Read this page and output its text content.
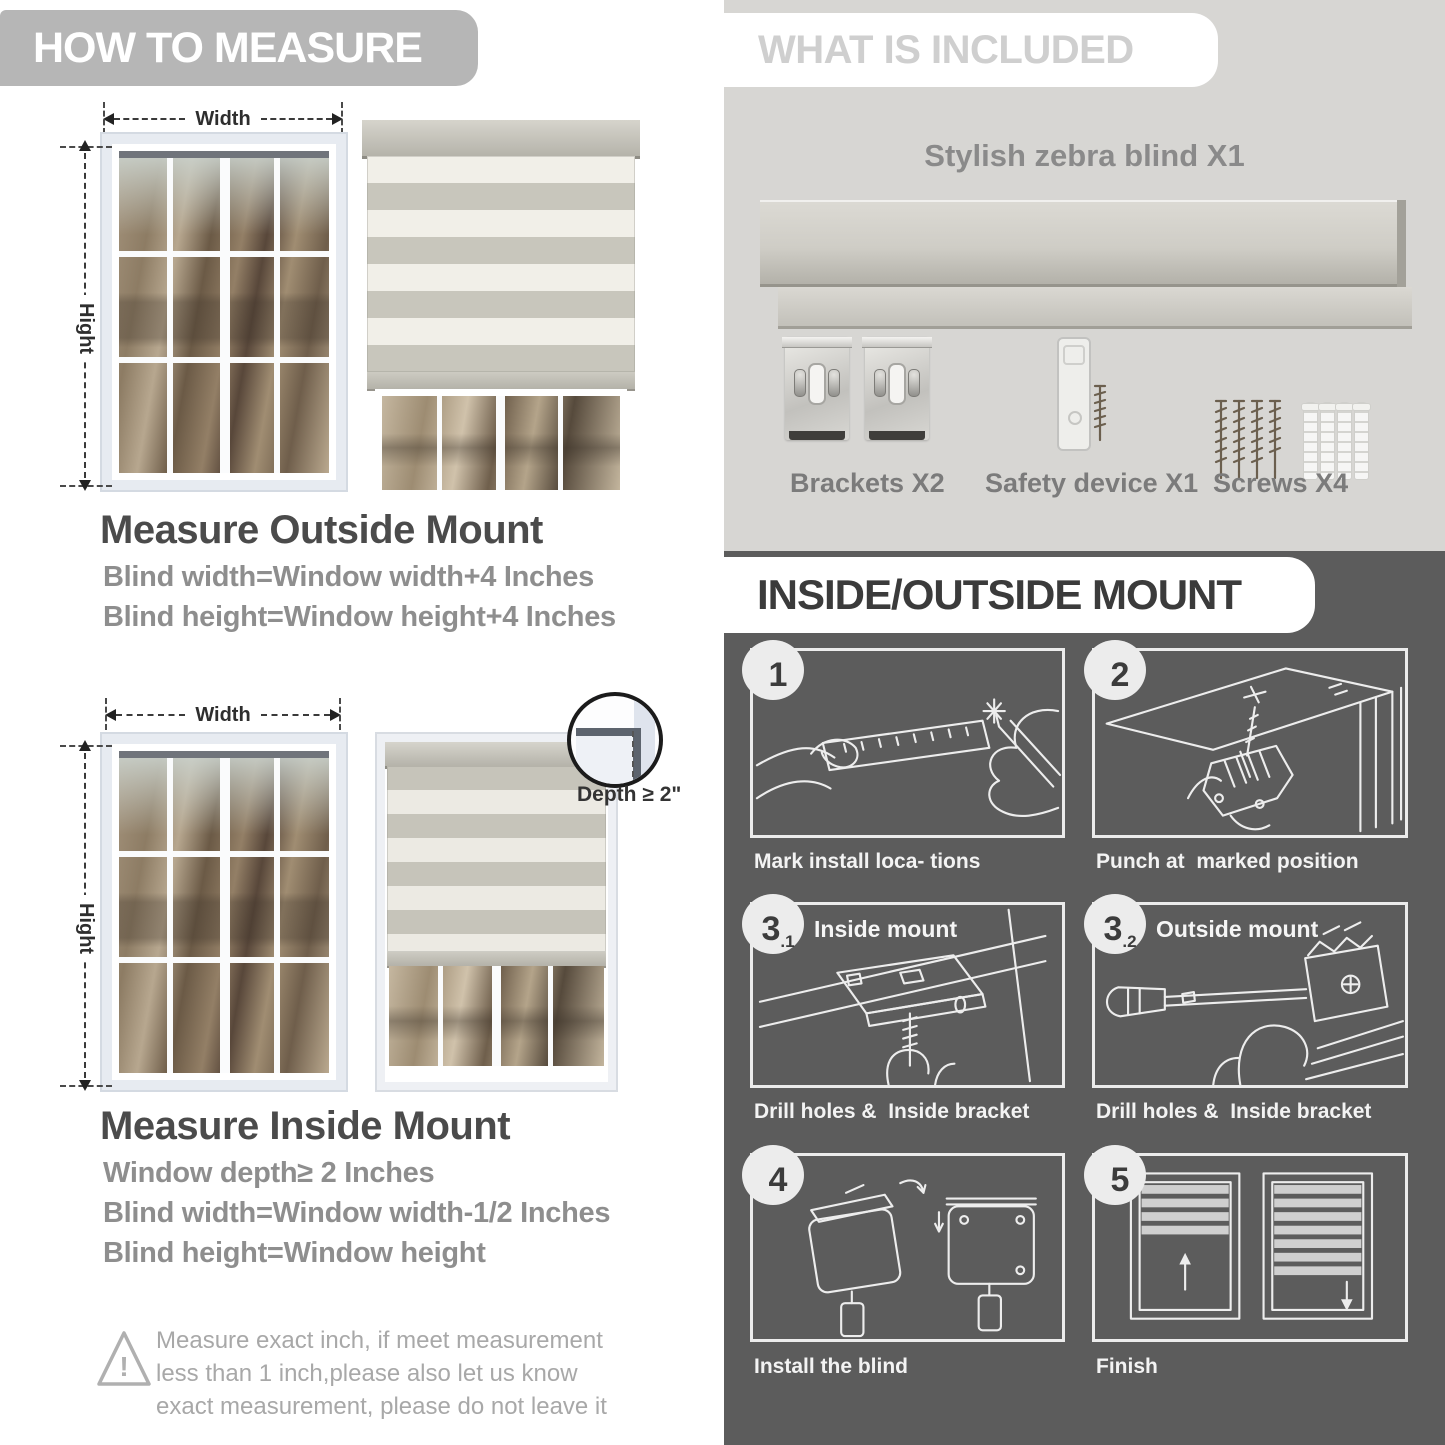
HOW TO MEASURE
Width
Hight
Measure Outside Mount
Blind width=Window width+4 Inches
Blind height=Window height+4 Inches
Width
Hight
Depth ≥ 2"
Measure Inside Mount
Window depth≥ 2 Inches
Blind width=Window width-1/2 Inches
Blind height=Window height
!
Measure exact inch, if meet measurement less than 1 inch,please also let us know exact measurement, please do not leave it
WHAT IS INCLUDED
Stylish zebra blind X1
Brackets X2 Safety device X1 Screws X4
INSIDE/OUTSIDE MOUNT
1
Mark install loca- tions
2
Punch at  marked position
3 .1 Inside mount
Drill holes &  Inside bracket
3 .2 Outside mount
Drill holes &  Inside bracket
4
Install the blind
5
Finish
